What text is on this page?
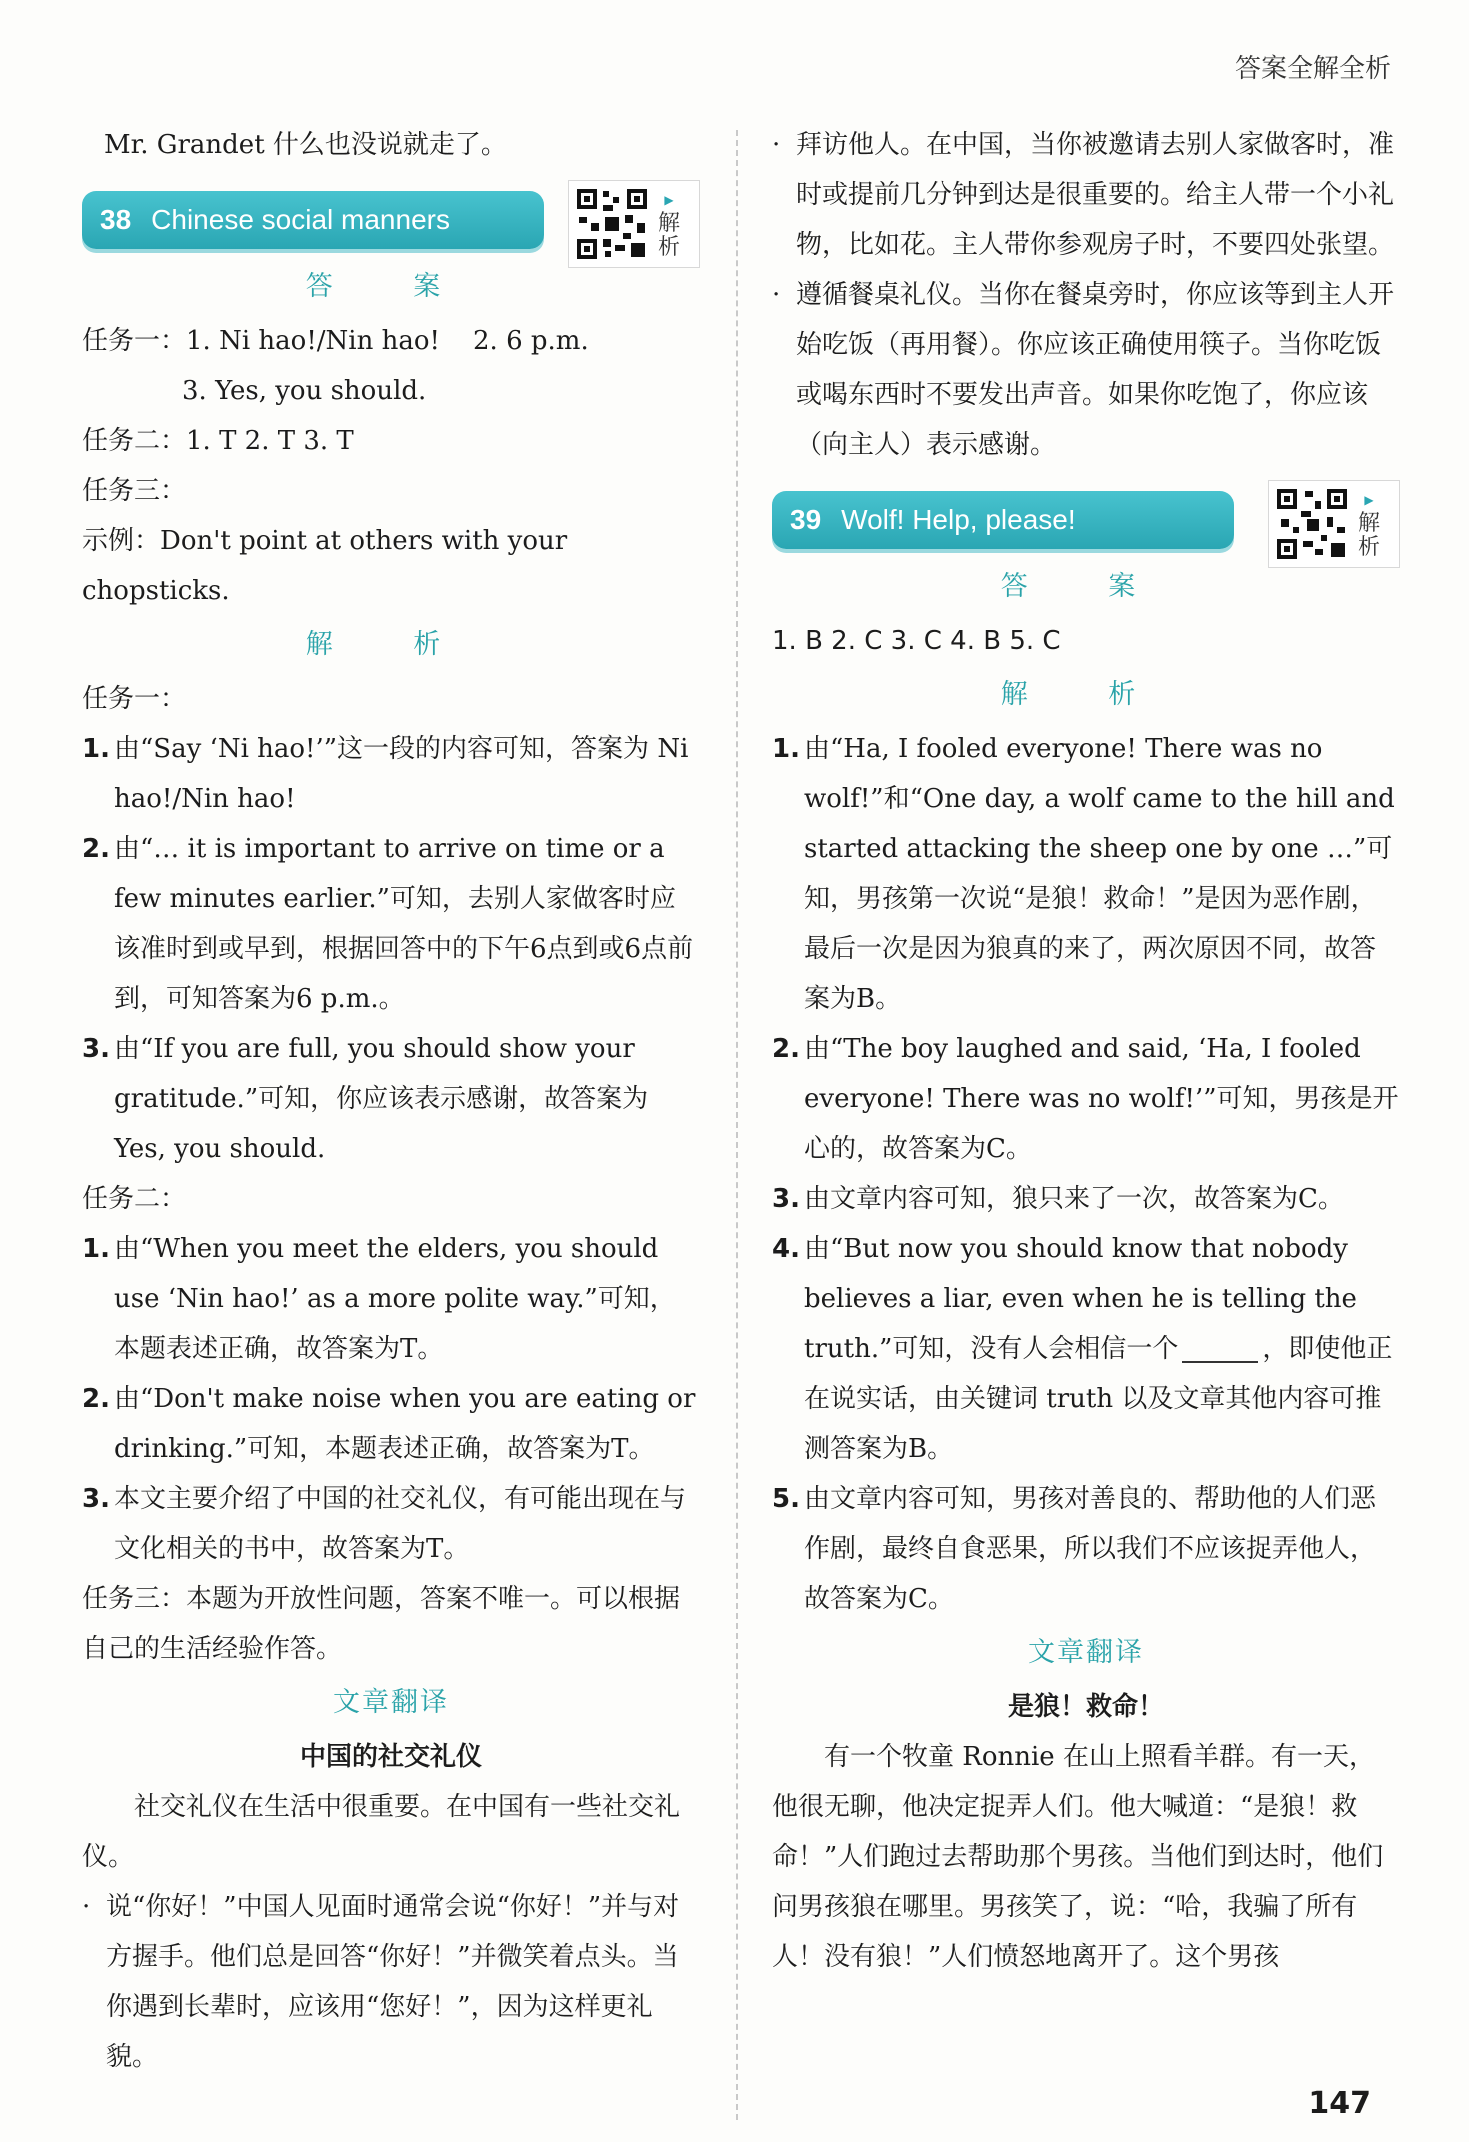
答案全解全析

Mr. Grandet 什么也没说就走了。

38 Chinese social manners
▶
解析
答 案

任务一：1. Ni hao!/Nin hao! 2. 6 p.m.

3. Yes, you should.

任务二：1. T 2. T 3. T

任务三：

示例：Don't point at others with your chopsticks.

解 析

任务一：

1. 由“Say ‘Ni hao!’”这一段的内容可知，答案为 Ni hao!/Nin hao!
2. 由“… it is important to arrive on time or a few minutes earlier.”可知，去别人家做客时应该准时到或早到，根据回答中的下午6点到或6点前到，可知答案为6 p.m.。
3. 由“If you are full, you should show your gratitude.”可知，你应该表示感谢，故答案为 Yes, you should.

任务二：

1. 由“When you meet the elders, you should use ‘Nin hao!’ as a more polite way.”可知，本题表述正确，故答案为T。
2. 由“Don't make noise when you are eating or drinking.”可知，本题表述正确，故答案为T。
3. 本文主要介绍了中国的社交礼仪，有可能出现在与文化相关的书中，故答案为T。

任务三：本题为开放性问题，答案不唯一。可以根据自己的生活经验作答。

文章翻译
中国的社交礼仪

社交礼仪在生活中很重要。在中国有一些社交礼仪。

· 说“你好！”中国人见面时通常会说“你好！”并与对方握手。他们总是回答“你好！”并微笑着点头。当你遇到长辈时，应该用“您好！”，因为这样更礼貌。
· 拜访他人。在中国，当你被邀请去别人家做客时，准时或提前几分钟到达是很重要的。给主人带一个小礼物，比如花。主人带你参观房子时，不要四处张望。
· 遵循餐桌礼仪。当你在餐桌旁时，你应该等到主人开始吃饭（再用餐）。你应该正确使用筷子。当你吃饭或喝东西时不要发出声音。如果你吃饱了，你应该（向主人）表示感谢。
39 Wolf! Help, please!
▶
解析
答 案

1. B 2. C 3. C 4. B 5. C

解 析
1. 由“Ha, I fooled everyone! There was no wolf!”和“One day, a wolf came to the hill and started attacking the sheep one by one …”可知，男孩第一次说“是狼！救命！”是因为恶作剧，最后一次是因为狼真的来了，两次原因不同，故答案为B。
2. 由“The boy laughed and said, ‘Ha, I fooled everyone! There was no wolf!’”可知，男孩是开心的，故答案为C。
3. 由文章内容可知，狼只来了一次，故答案为C。
4. 由“But now you should know that nobody believes a liar, even when he is telling the truth.”可知，没有人会相信一个	，即使他正在说实话，由关键词 truth 以及文章其他内容可推测答案为B。
5. 由文章内容可知，男孩对善良的、帮助他的人们恶作剧，最终自食恶果，所以我们不应该捉弄他人，故答案为C。
文章翻译
是狼！救命！

有一个牧童 Ronnie 在山上照看羊群。有一天，他很无聊，他决定捉弄人们。他大喊道：“是狼！救命！”人们跑过去帮助那个男孩。当他们到达时，他们问男孩狼在哪里。男孩笑了，说：“哈，我骗了所有人！没有狼！”人们愤怒地离开了。这个男孩

147
